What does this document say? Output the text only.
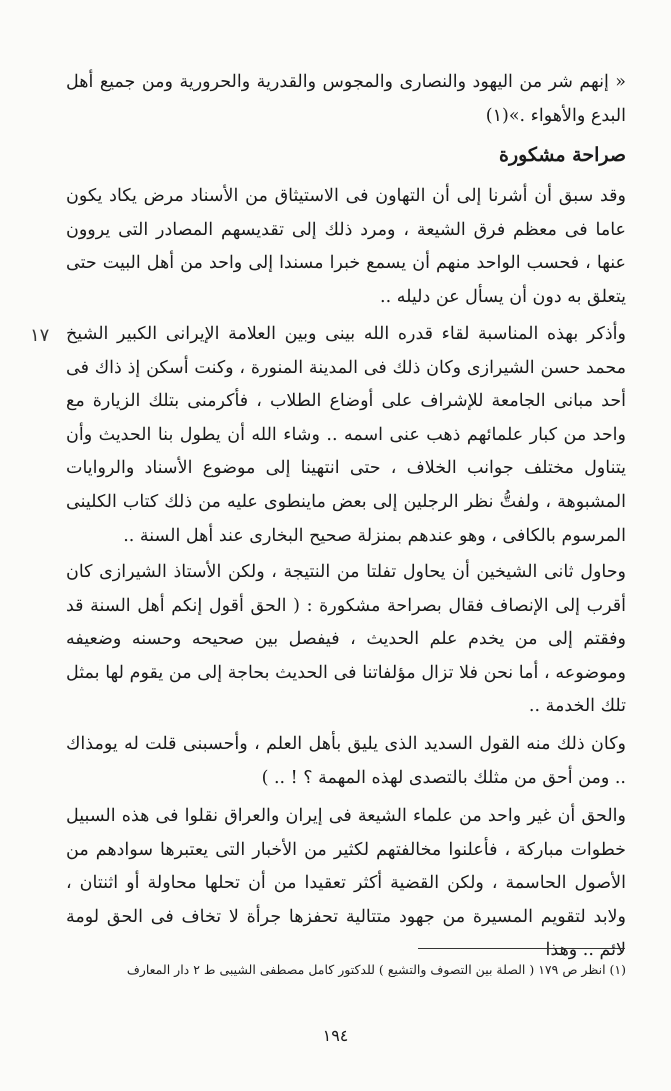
« إنهم شر من اليهود والنصارى والمجوس والقدرية والحرورية ومن جميع أهل البدع والأهواء .»(١)

صراحة مشكورة

وقد سبق أن أشرنا إلى أن التهاون فى الاستيثاق من الأسناد مرض يكاد يكون عاما فى معظم فرق الشيعة ، ومرد ذلك إلى تقديسهم المصادر التى يروون عنها ، فحسب الواحد منهم أن يسمع خبرا مسندا إلى واحد من أهل البيت حتى يتعلق به دون أن يسأل عن دليله ..

١٧ وأذكر بهذه المناسبة لقاء قدره الله بينى وبين العلامة الإيرانى الكبير الشيخ محمد حسن الشيرازى وكان ذلك فى المدينة المنورة ، وكنت أسكن إذ ذاك فى أحد مبانى الجامعة للإشراف على أوضاع الطلاب ، فأكرمنى بتلك الزيارة مع واحد من كبار علمائهم ذهب عنى اسمه .. وشاء الله أن يطول بنا الحديث وأن يتناول مختلف جوانب الخلاف ، حتى انتهينا إلى موضوع الأسناد والروايات المشبوهة ، ولفتُّ نظر الرجلين إلى بعض ماينطوى عليه من ذلك كتاب الكلينى المرسوم بالكافى ، وهو عندهم بمنزلة صحيح البخارى عند أهل السنة ..

وحاول ثانى الشيخين أن يحاول تفلتا من النتيجة ، ولكن الأستاذ الشيرازى كان أقرب إلى الإنصاف فقال بصراحة مشكورة : ( الحق أقول إنكم أهل السنة قد وفقتم إلى من يخدم علم الحديث ، فيفصل بين صحيحه وحسنه وضعيفه وموضوعه ، أما نحن فلا تزال مؤلفاتنا فى الحديث بحاجة إلى من يقوم لها بمثل تلك الخدمة ..

وكان ذلك منه القول السديد الذى يليق بأهل العلم ، وأحسبنى قلت له يومذاك .. ومن أحق من مثلك بالتصدى لهذه المهمة ؟ ! .. )

والحق أن غير واحد من علماء الشيعة فى إيران والعراق نقلوا فى هذه السبيل خطوات مباركة ، فأعلنوا مخالفتهم لكثير من الأخبار التى يعتبرها سوادهم من الأصول الحاسمة ، ولكن القضية أكثر تعقيدا من أن تحلها محاولة أو اثنتان ، ولابد لتقويم المسيرة من جهود متتالية تحفزها جرأة لا تخاف فى الحق لومة لائم .. وهذا

(١) انظر ص ١٧٩ ( الصلة بين التصوف والتشيع ) للدكتور كامل مصطفى الشيبى ط ٢ دار المعارف

١٩٤
